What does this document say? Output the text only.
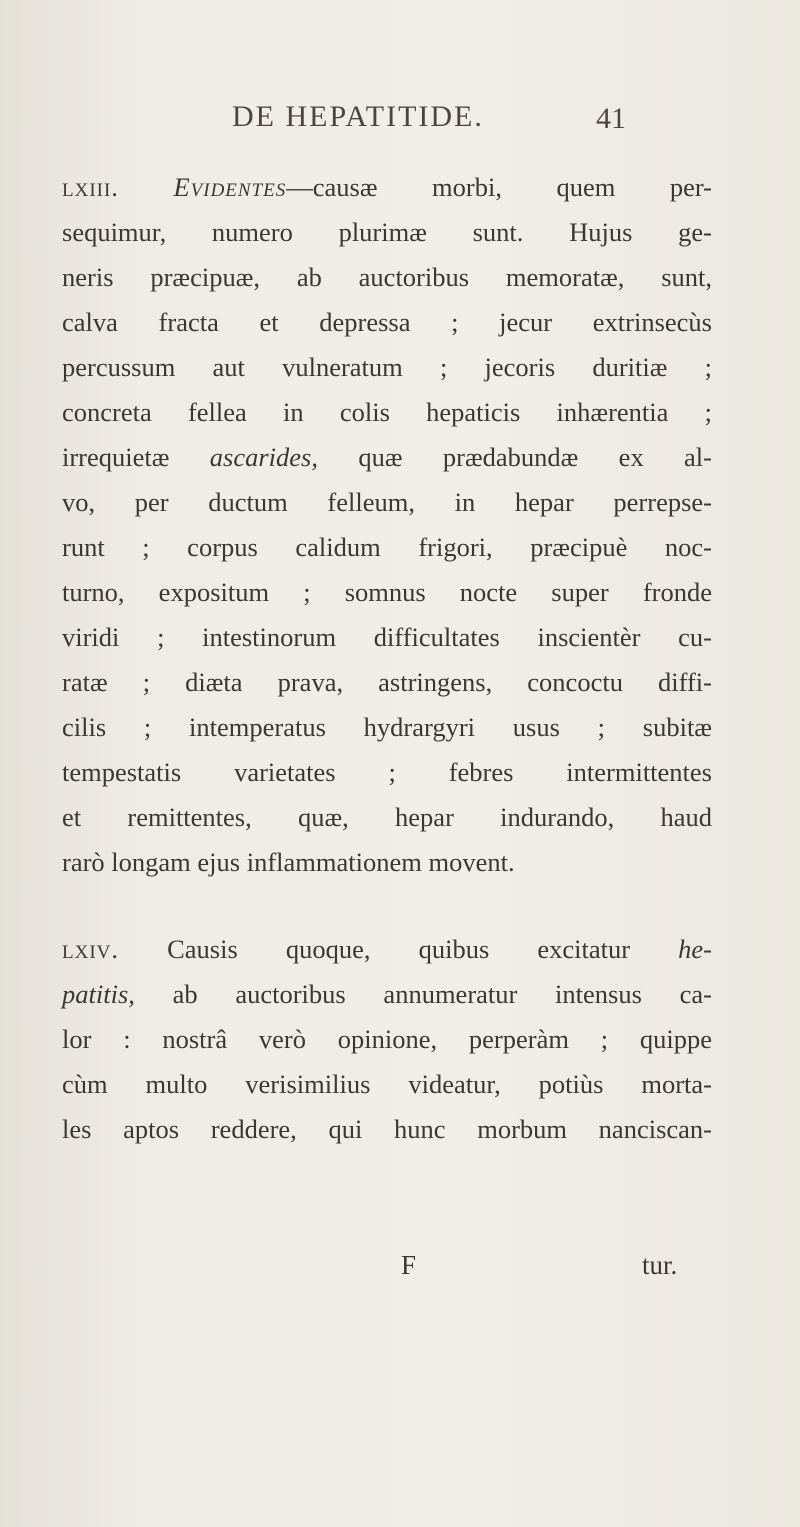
DE HEPATITIDE.	41
lxiii. Evidentes—causæ morbi, quem per-
sequimur, numero plurimæ sunt. Hujus ge-
neris præcipuæ, ab auctoribus memoratæ, sunt,
calva fracta et depressa ; jecur extrinsecùs
percussum aut vulneratum ; jecoris duritiæ ;
concreta fellea in colis hepaticis inhærentia ;
irrequietæ ascarides, quæ prædabundæ ex al-
vo, per ductum felleum, in hepar perrepse-
runt ; corpus calidum frigori, præcipuè noc-
turno, expositum ; somnus nocte super fronde
viridi ; intestinorum difficultates inscientèr cu-
ratæ ; diæta prava, astringens, concoctu diffi-
cilis ; intemperatus hydrargyri usus ; subitæ
tempestatis varietates ; febres intermittentes
et remittentes, quæ, hepar indurando, haud
rarò longam ejus inflammationem movent.
lxiv. Causis quoque, quibus excitatur he-
patitis, ab auctoribus annumeratur intensus ca-
lor : nostrâ verò opinione, perperàm ; quippe
cùm multo verisimilius videatur, potiùs morta-
les aptos reddere, qui hunc morbum nanciscan-
F	tur.
